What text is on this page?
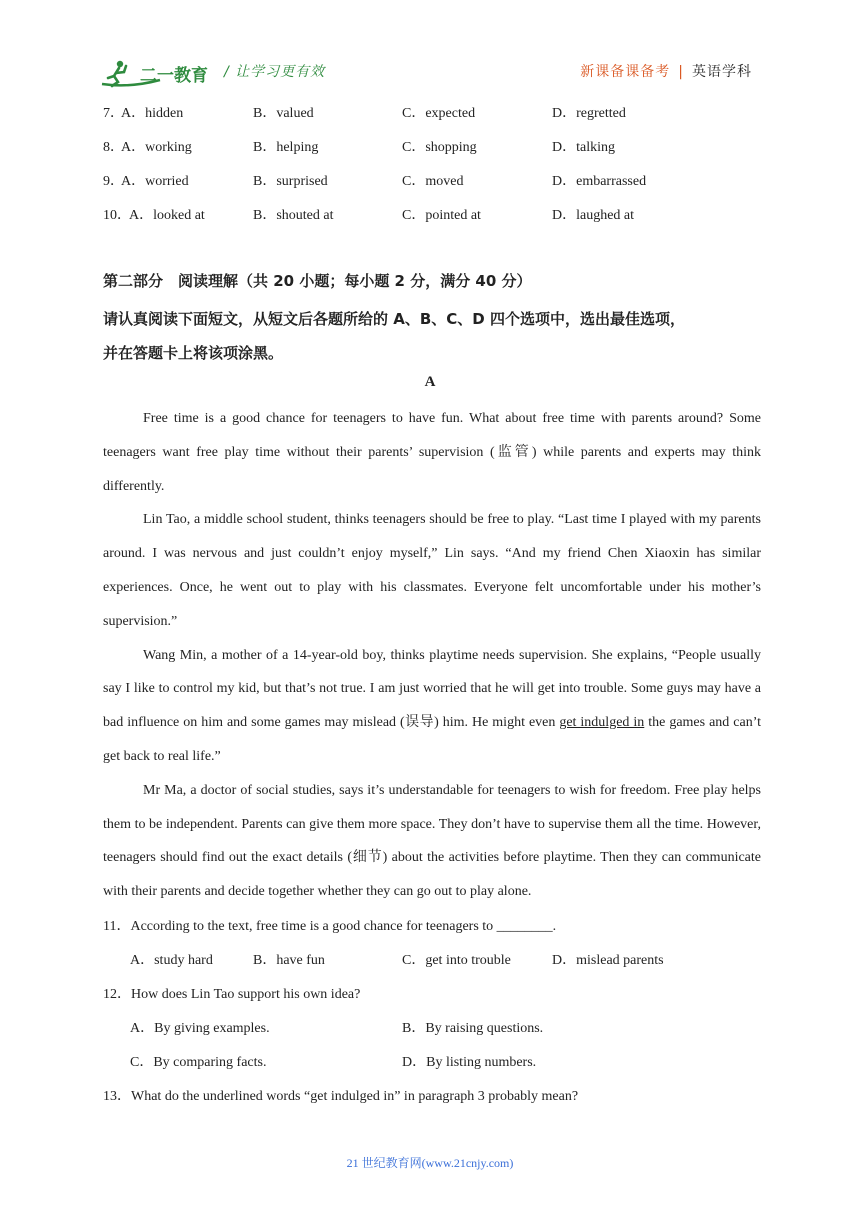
二一教育 / 让学习更有效	新课备课备考 | 英语学科
7．
A．hidden	B．valued	C．expected	D．regretted
8．
A．working	B．helping	C．shopping	D．talking
9．
A．worried	B．surprised	C．moved	D．embarrassed
10．
A．looked at	B．shouted at	C．pointed at	D．laughed at
第二部分　阅读理解（共 20 小题；每小题 2 分，满分 40 分）
请认真阅读下面短文，从短文后各题所给的 A、B、C、D 四个选项中，选出最佳选项，
并在答题卡上将该项涂黑。
A

Free time is a good chance for teenagers to have fun. What about free time with parents around? Some teenagers want free play time without their parents’ supervision (监管) while parents and experts may think differently.

Lin Tao, a middle school student, thinks teenagers should be free to play. “Last time I played with my parents around. I was nervous and just couldn’t enjoy myself,” Lin says. “And my friend Chen Xiaoxin has similar experiences. Once, he went out to play with his classmates. Everyone felt uncomfortable under his mother’s supervision.”

Wang Min, a mother of a 14-year-old boy, thinks playtime needs supervision. She explains, “People usually say I like to control my kid, but that’s not true. I am just worried that he will get into trouble. Some guys may have a bad influence on him and some games may mislead (误导) him. He might even get indulged in the games and can’t get back to real life.”

Mr Ma, a doctor of social studies, says it’s understandable for teenagers to wish for freedom. Free play helps them to be independent. Parents can give them more space. They don’t have to supervise them all the time. However, teenagers should find out the exact details (细节) about the activities before playtime. Then they can communicate with their parents and decide together whether they can go out to play alone.

11．According to the text, free time is a good chance for teenagers to ________.
A．study hard	B．have fun	C．get into trouble	D．mislead parents
12．How does Lin Tao support his own idea?
A．By giving examples.	B．By raising questions.
C．By comparing facts.	D．By listing numbers.
13．What do the underlined words “get indulged in” in paragraph 3 probably mean?
21 世纪教育网(www.21cnjy.com)
